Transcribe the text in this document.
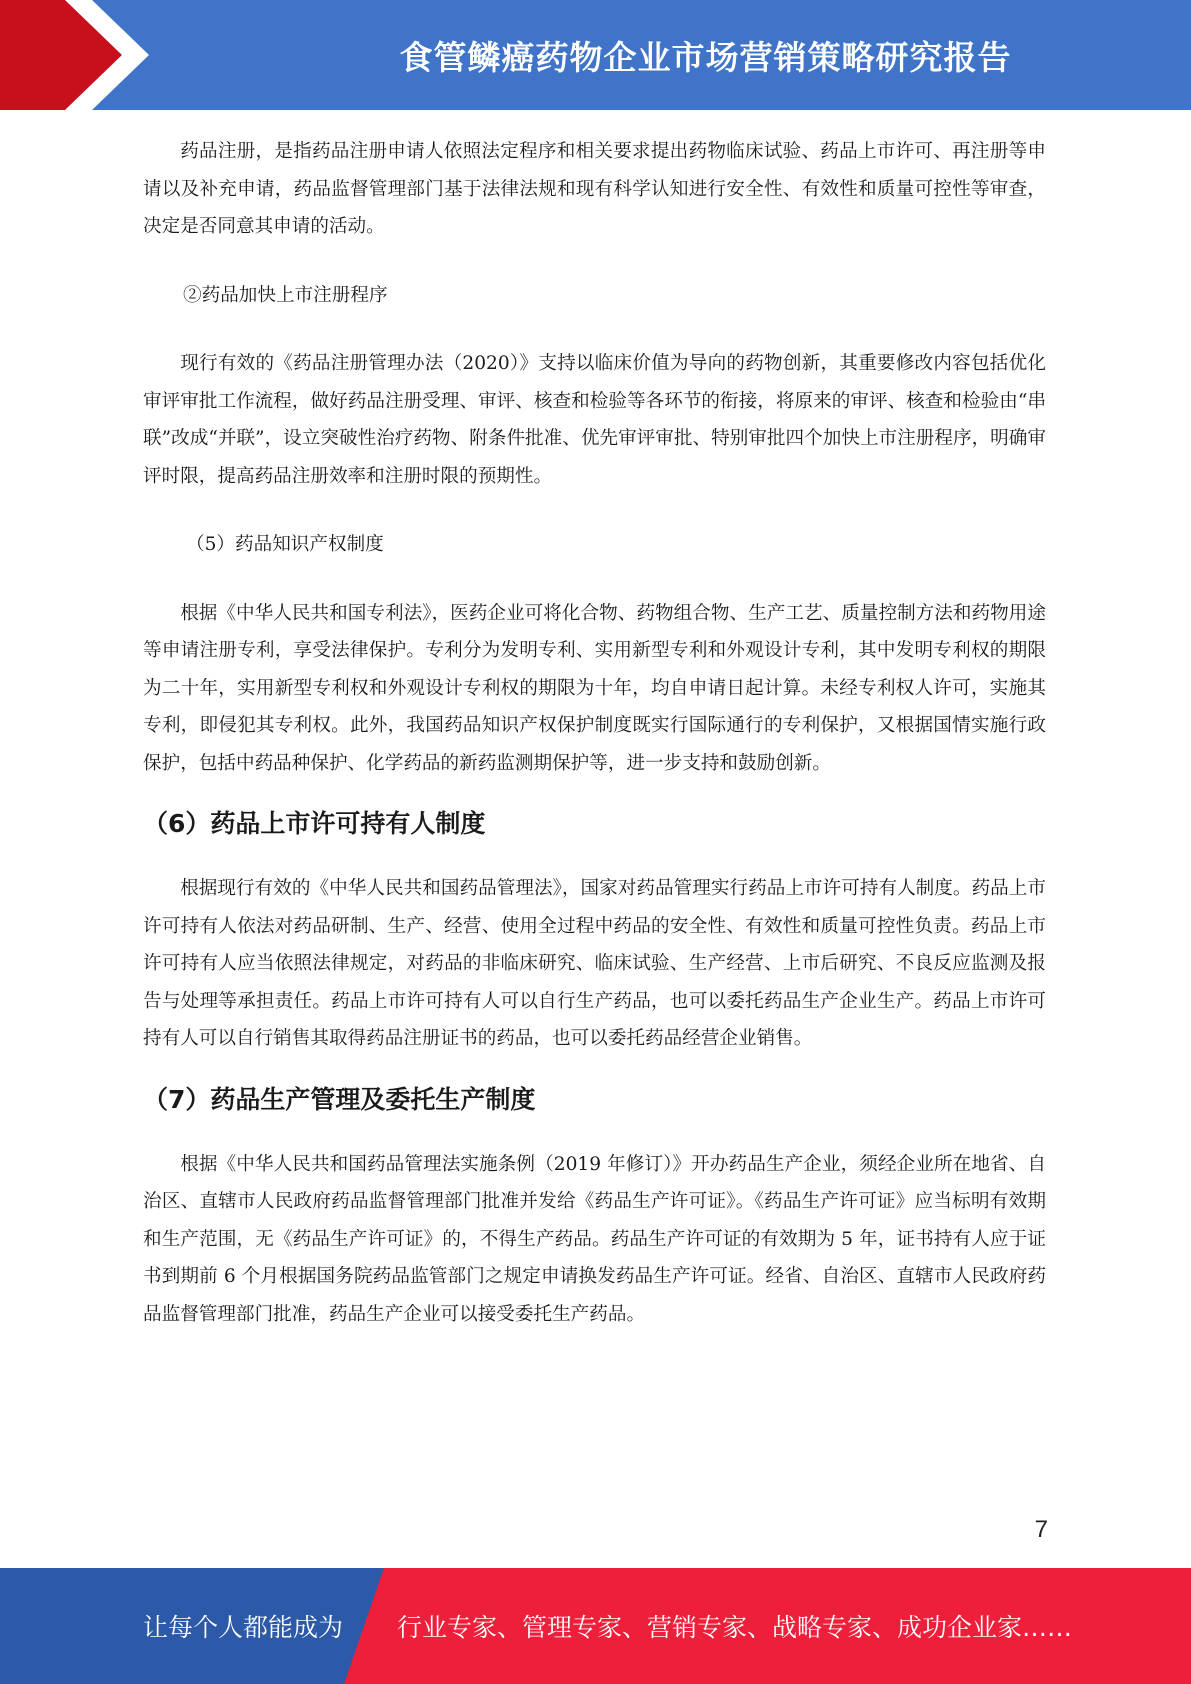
食管鳞癌药物企业市场营销策略研究报告

药品注册，是指药品注册申请人依照法定程序和相关要求提出药物临床试验、药品上市许可、再注册等申请以及补充申请，药品监督管理部门基于法律法规和现有科学认知进行安全性、有效性和质量可控性等审查，决定是否同意其申请的活动。

②药品加快上市注册程序

现行有效的《药品注册管理办法（2020）》支持以临床价值为导向的药物创新，其重要修改内容包括优化审评审批工作流程，做好药品注册受理、审评、核查和检验等各环节的衔接，将原来的审评、核查和检验由“串联”改成“并联”，设立突破性治疗药物、附条件批准、优先审评审批、特别审批四个加快上市注册程序，明确审评时限，提高药品注册效率和注册时限的预期性。

（5）药品知识产权制度

根据《中华人民共和国专利法》，医药企业可将化合物、药物组合物、生产工艺、质量控制方法和药物用途等申请注册专利，享受法律保护。专利分为发明专利、实用新型专利和外观设计专利，其中发明专利权的期限为二十年，实用新型专利权和外观设计专利权的期限为十年，均自申请日起计算。未经专利权人许可，实施其专利，即侵犯其专利权。此外，我国药品知识产权保护制度既实行国际通行的专利保护，又根据国情实施行政保护，包括中药品种保护、化学药品的新药监测期保护等，进一步支持和鼓励创新。

（6）药品上市许可持有人制度

根据现行有效的《中华人民共和国药品管理法》，国家对药品管理实行药品上市许可持有人制度。药品上市许可持有人依法对药品研制、生产、经营、使用全过程中药品的安全性、有效性和质量可控性负责。药品上市许可持有人应当依照法律规定，对药品的非临床研究、临床试验、生产经营、上市后研究、不良反应监测及报告与处理等承担责任。药品上市许可持有人可以自行生产药品，也可以委托药品生产企业生产。药品上市许可持有人可以自行销售其取得药品注册证书的药品，也可以委托药品经营企业销售。

（7）药品生产管理及委托生产制度

根据《中华人民共和国药品管理法实施条例（2019 年修订）》开办药品生产企业，须经企业所在地省、自治区、直辖市人民政府药品监督管理部门批准并发给《药品生产许可证》。《药品生产许可证》应当标明有效期和生产范围，无《药品生产许可证》的，不得生产药品。药品生产许可证的有效期为 5 年，证书持有人应于证书到期前 6 个月根据国务院药品监管部门之规定申请换发药品生产许可证。经省、自治区、直辖市人民政府药品监督管理部门批准，药品生产企业可以接受委托生产药品。

7
让每个人都能成为 行业专家、管理专家、营销专家、战略专家、成功企业家……
